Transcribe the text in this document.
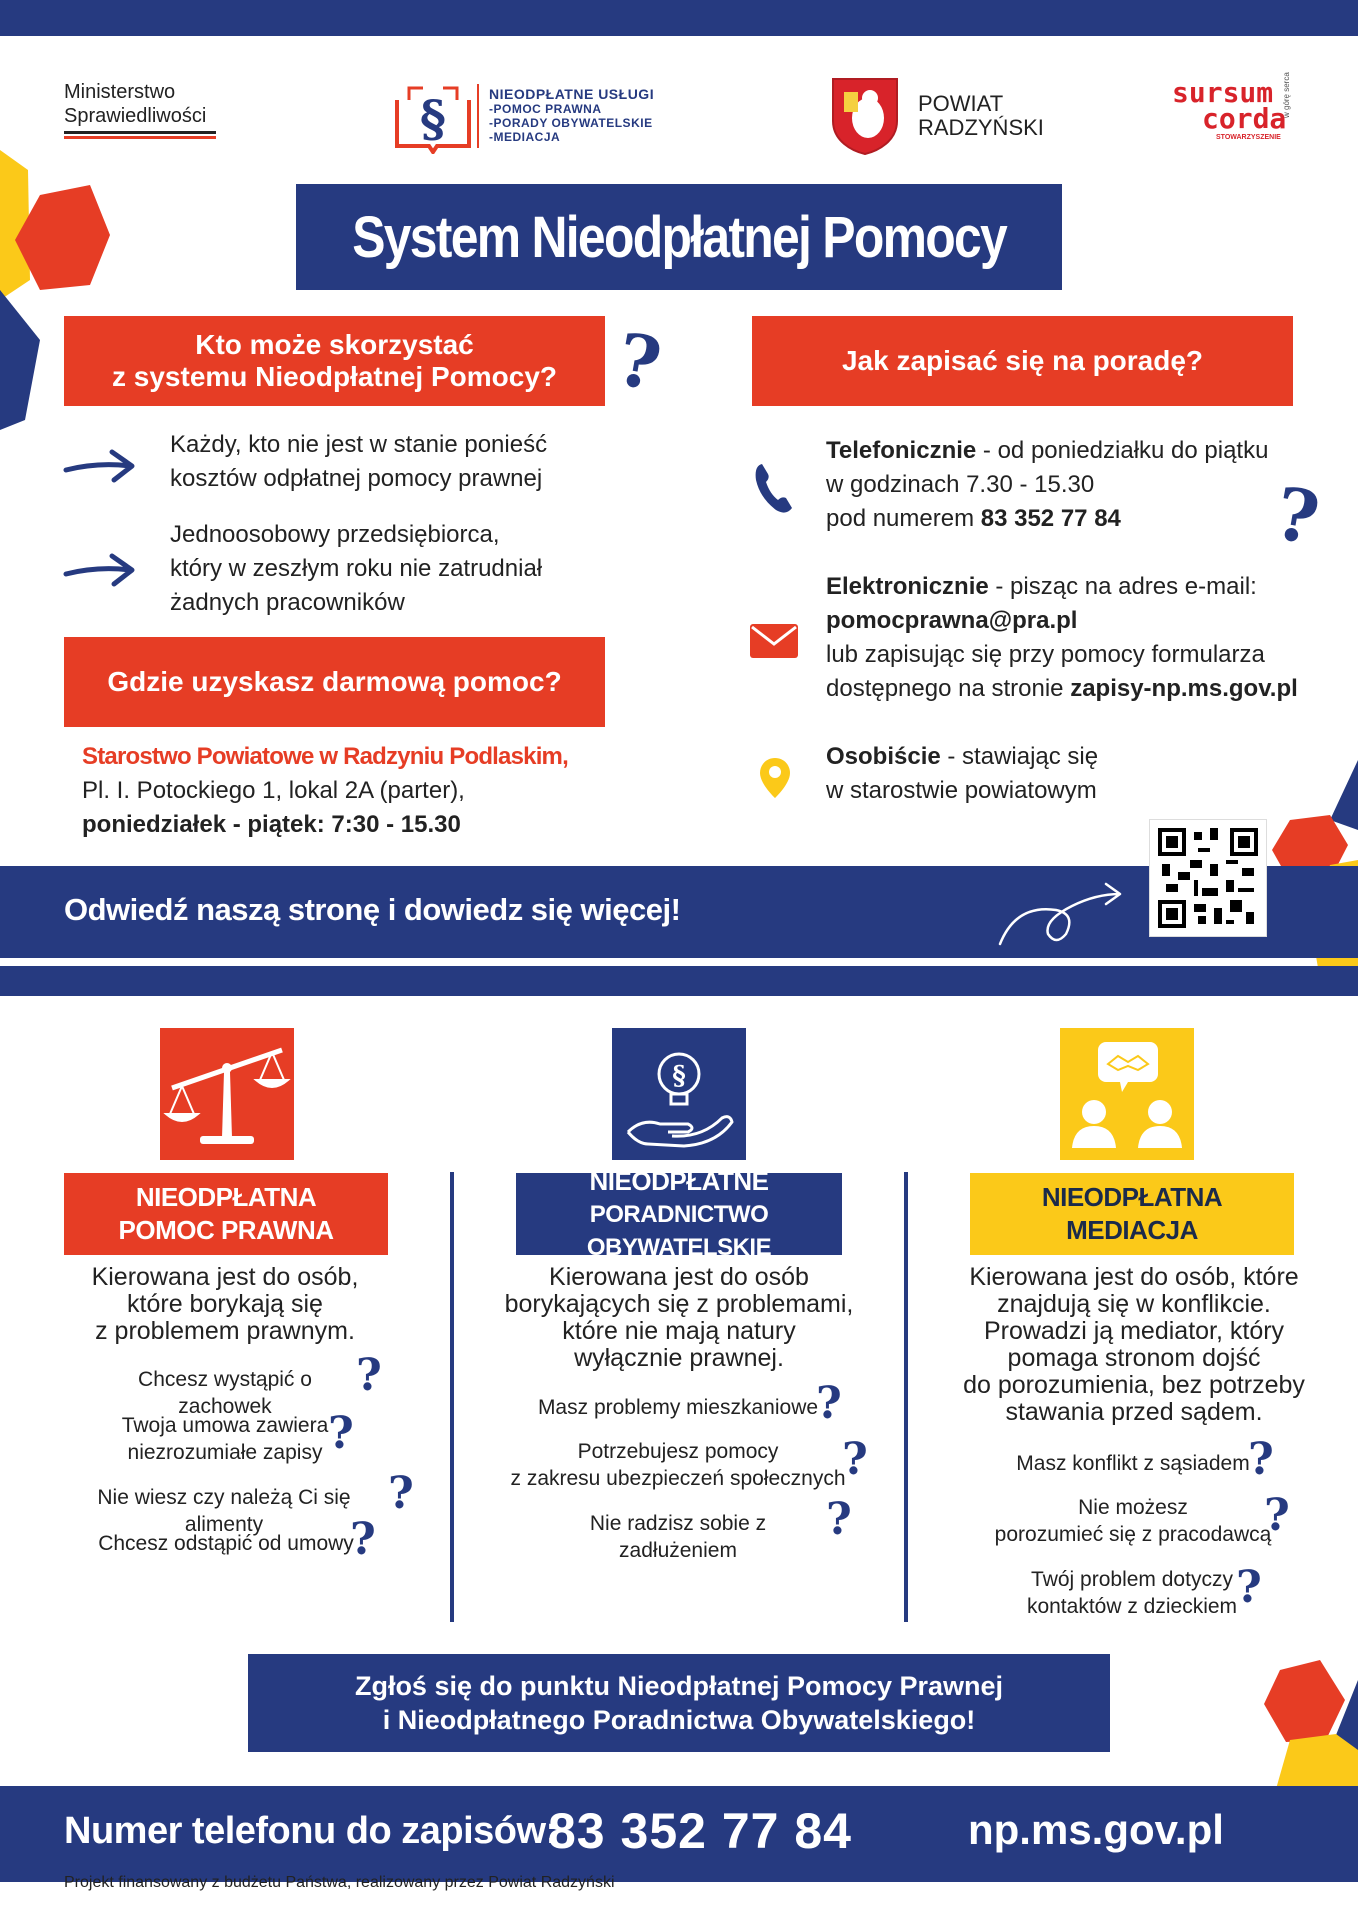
Ministerstwo
Sprawiedliwości	§	NIEODPŁATNE USŁUGI
-POMOC PRAWNA
-PORADY OBYWATELSKIE
-MEDIACJA
POWIAT
RADZYŃSKI
sursum
corda
STOWARZYSZENIE
w górę serca
System Nieodpłatnej Pomocy
Kto może skorzystać
z systemu Nieodpłatnej Pomocy? ?
Każdy, kto nie jest w stanie ponieść
kosztów odpłatnej pomocy prawnej
Jednoosobowy przedsiębiorca,
który w zeszłym roku nie zatrudniał
żadnych pracowników
Gdzie uzyskasz darmową pomoc?
Starostwo Powiatowe w Radzyniu Podlaskim,
Pl. I. Potockiego 1, lokal 2A (parter),
poniedziałek - piątek: 7:30 - 15.30
Jak zapisać się na poradę?
Telefonicznie - od poniedziałku do piątku
w godzinach 7.30 - 15.30
pod numerem 83 352 77 84	?
Elektronicznie - pisząc na adres e-mail:
pomocprawna@pra.pl
lub zapisując się przy pomocy formularza
dostępnego na stronie zapisy-np.ms.gov.pl
Osobiście - stawiając się
w starostwie powiatowym
Odwiedź naszą stronę i dowiedz się więcej!
NIEODPŁATNA
POMOC PRAWNA
Kierowana jest do osób,
które borykają się
z problemem prawnym.
Chcesz wystąpić o zachowek
?
Twoja umowa zawiera
niezrozumiałe zapisy ?
Nie wiesz czy należą Ci się alimenty
?
Chcesz odstąpić od umowy
?
§
NIEODPŁATNE
PORADNICTWO OBYWATELSKIE
Kierowana jest do osób
borykających się z problemami,
które nie mają natury
wyłącznie prawnej.
Masz problemy mieszkaniowe
?
Potrzebujesz pomocy
z zakresu ubezpieczeń społecznych
?
Nie radzisz sobie z zadłużeniem
?
NIEODPŁATNA
MEDIACJA
Kierowana jest do osób, które
znajdują się w konflikcie.
Prowadzi ją mediator, który
pomaga stronom dojść
do porozumienia, bez potrzeby
stawania przed sądem.
Masz konflikt z sąsiadem
?
Nie możesz
porozumieć się z pracodawcą
?
Twój problem dotyczy
kontaktów z dzieckiem
?
Zgłoś się do punktu Nieodpłatnej Pomocy Prawnej
i Nieodpłatnego Poradnictwa Obywatelskiego!
Numer telefonu do zapisów:
83 352 77 84	np.ms.gov.pl
Projekt finansowany z budżetu Państwa, realizowany przez Powiat Radzyński
